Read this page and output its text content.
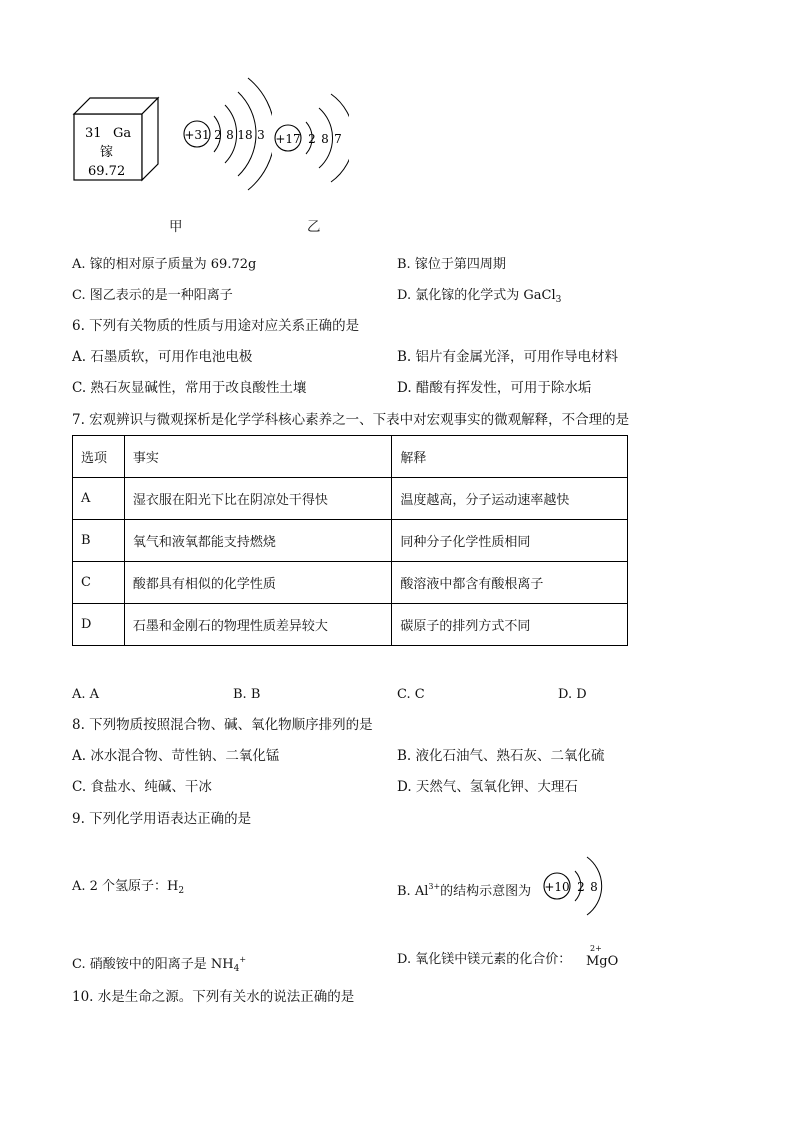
31 Ga
镓
69.72
+31 2 8 18 3 +17 2 8 7
甲	乙
A. 镓的相对原子质量为 69.72g	B. 镓位于第四周期
C. 图乙表示的是一种阳离子	D. 氯化镓的化学式为 GaCl$_3$
6. 下列有关物质的性质与用途对应关系正确的是
A. 石墨质软，可用作电池电极	B. 铝片有金属光泽，可用作导电材料
C. 熟石灰显碱性，常用于改良酸性土壤	D. 醋酸有挥发性，可用于除水垢
7. 宏观辨识与微观探析是化学学科核心素养之一、下表中对宏观事实的微观解释，不合理的是
选项	事实	解释
A	湿衣服在阳光下比在阴凉处干得快	温度越高，分子运动速率越快
B	氧气和液氧都能支持燃烧	同种分子化学性质相同
C	酸都具有相似的化学性质	酸溶液中都含有酸根离子
D	石墨和金刚石的物理性质差异较大	碳原子的排列方式不同
A. A	B. B	C. C	D. D
8. 下列物质按照混合物、碱、氧化物顺序排列的是
A. 冰水混合物、苛性钠、二氧化锰	B. 液化石油气、熟石灰、二氧化硫
C. 食盐水、纯碱、干冰	D. 天然气、氢氧化钾、大理石
9. 下列化学用语表达正确的是
A. 2 个氢原子：$H_2$	B. $Al^{3+}$的结构示意图为 +10 2 8
C. 硝酸铵中的阳离子是 $NH_4^+$	D. 氧化镁中镁元素的化合价：
2+
MgO
10. 水是生命之源。下列有关水的说法正确的是
